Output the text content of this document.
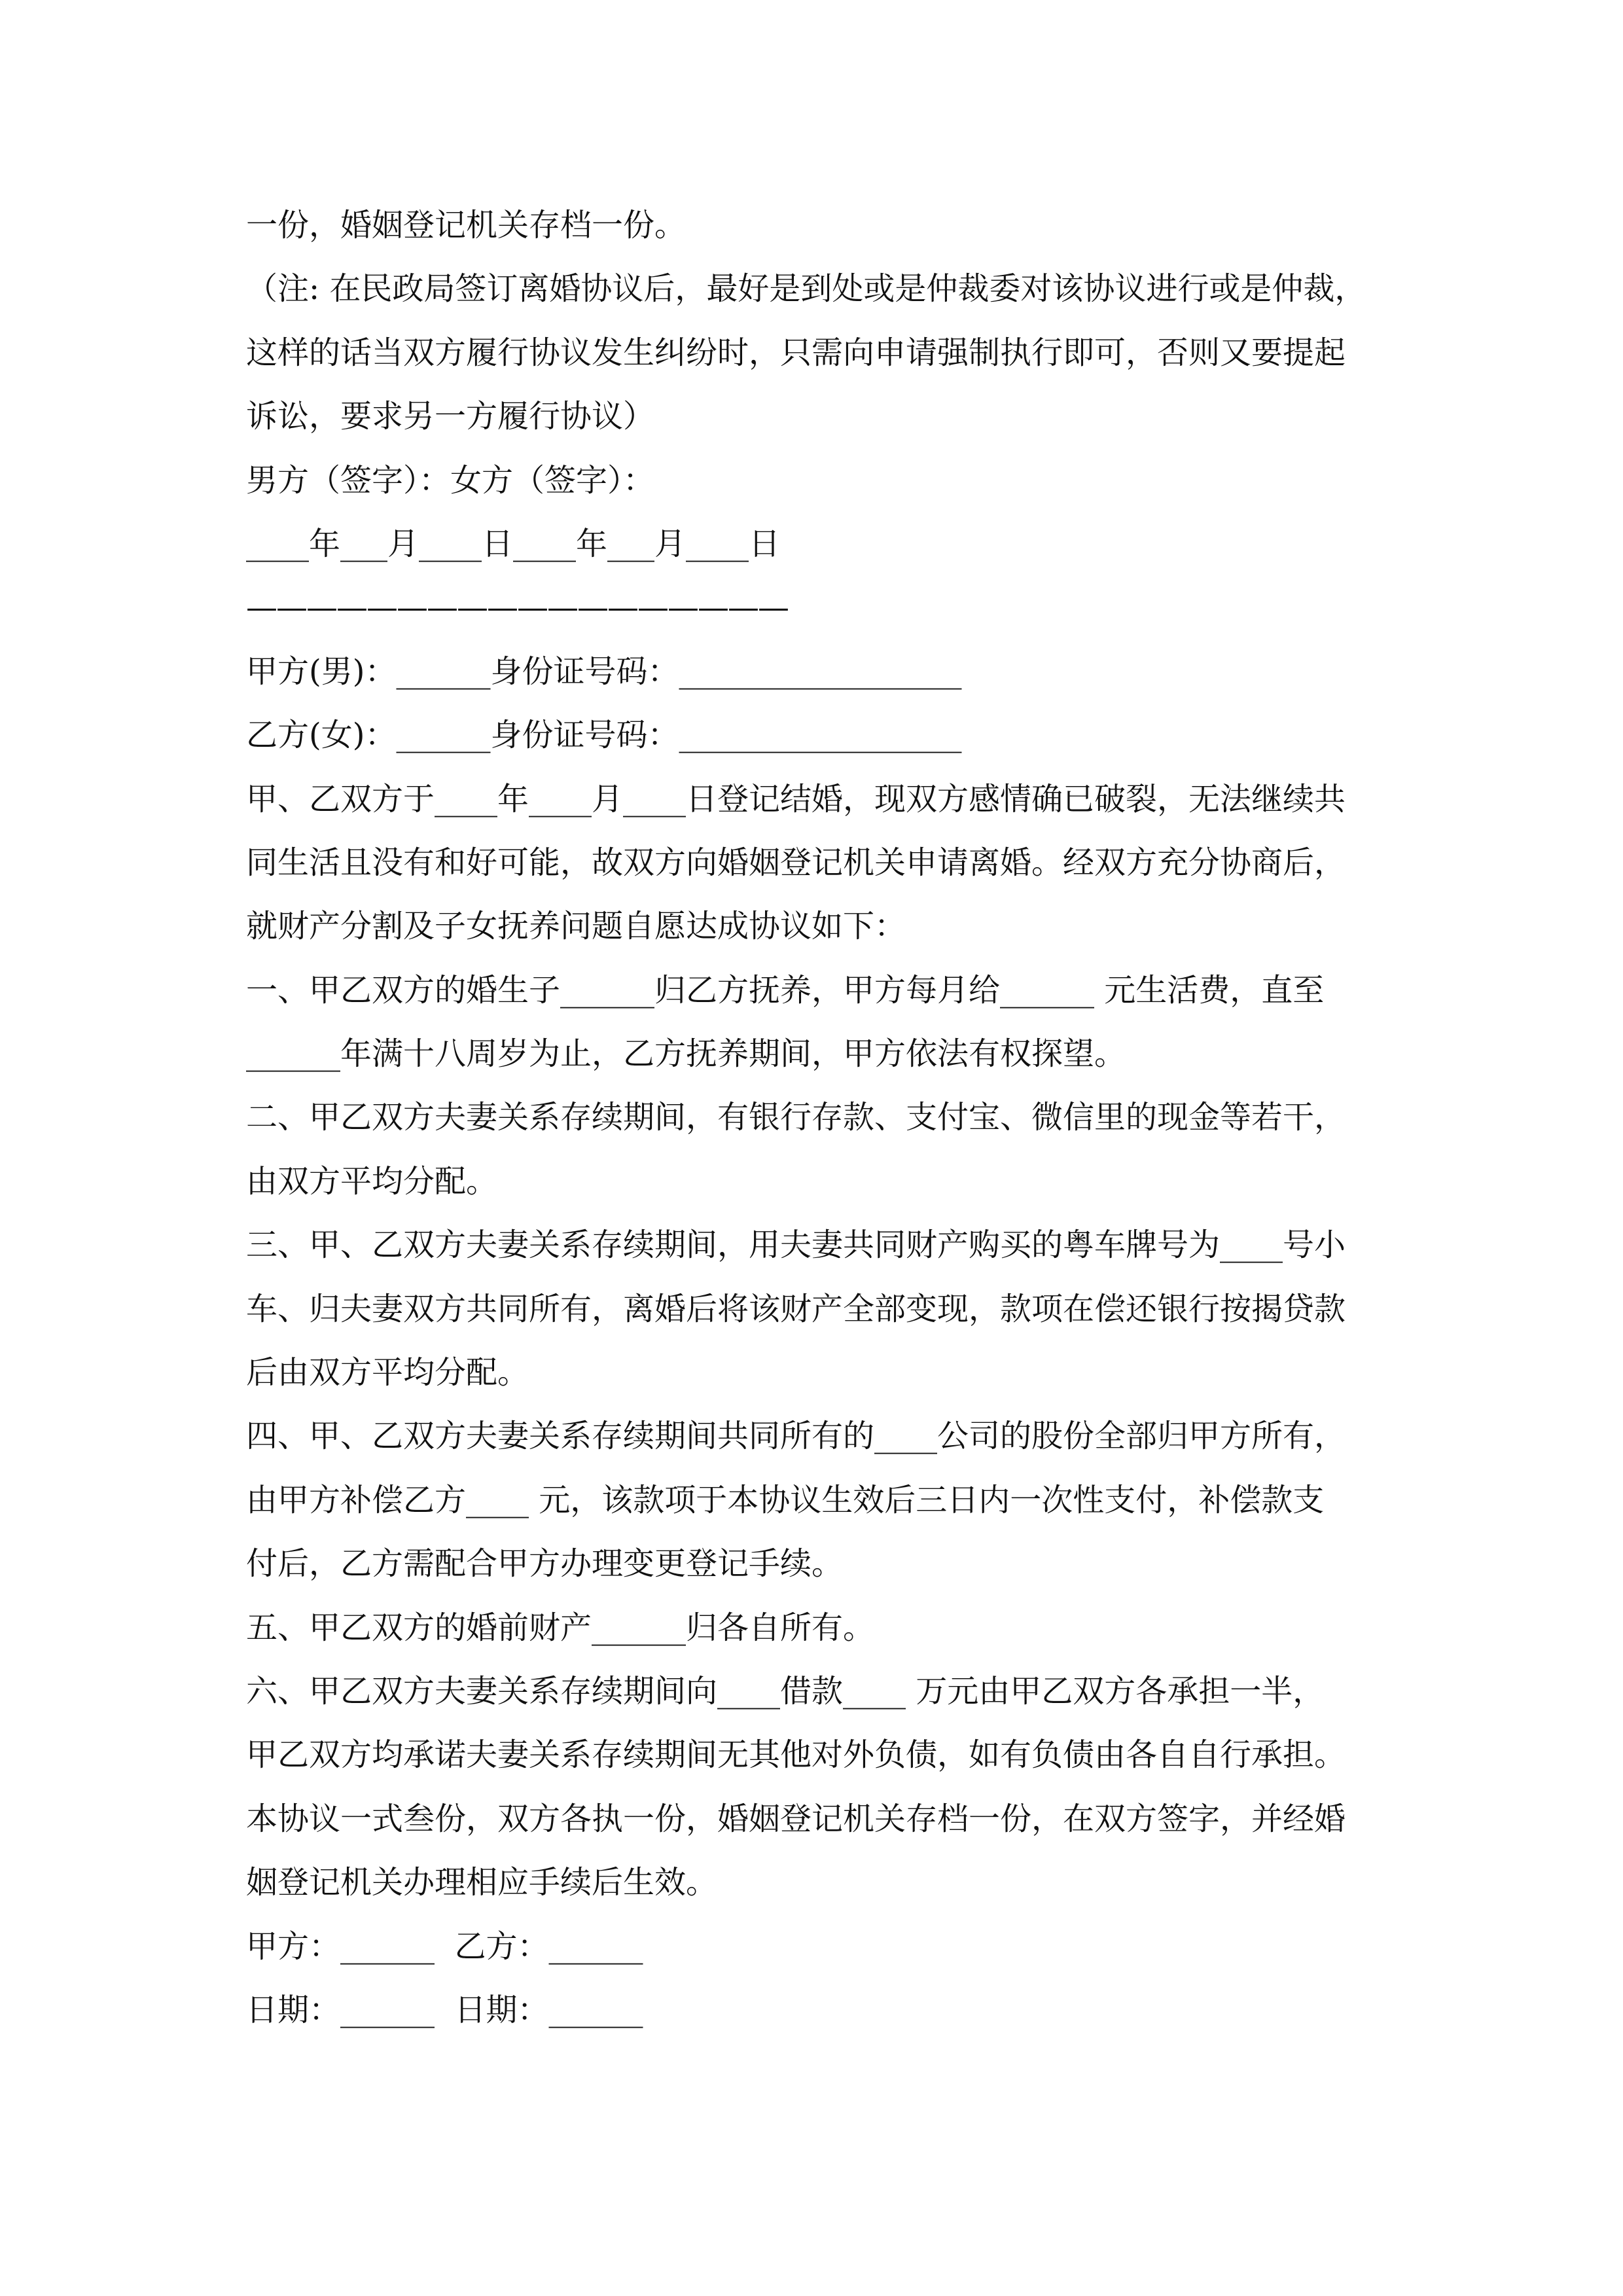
一份，婚姻登记机关存档一份。
（注: 在民政局签订离婚协议后，最好是到处或是仲裁委对该协议进行或是仲裁，
这样的话当双方履行协议发生纠纷时，只需向申请强制执行即可，否则又要提起
诉讼，要求另一方履行协议）
男方（签字）：女方（签字）：
____年___月____日____年___月____日
——————————————————
甲方(男)：______身份证号码：__________________
乙方(女)：______身份证号码：__________________
甲、乙双方于____年____月____日登记结婚，现双方感情确已破裂，无法继续共
同生活且没有和好可能，故双方向婚姻登记机关申请离婚。经双方充分协商后，
就财产分割及子女抚养问题自愿达成协议如下：
一、甲乙双方的婚生子______归乙方抚养，甲方每月给______ 元生活费，直至
______年满十八周岁为止，乙方抚养期间，甲方依法有权探望。
二、甲乙双方夫妻关系存续期间，有银行存款、支付宝、微信里的现金等若干，
由双方平均分配。
三、甲、乙双方夫妻关系存续期间，用夫妻共同财产购买的粤车牌号为____号小
车、归夫妻双方共同所有，离婚后将该财产全部变现，款项在偿还银行按揭贷款
后由双方平均分配。
四、甲、乙双方夫妻关系存续期间共同所有的____公司的股份全部归甲方所有，
由甲方补偿乙方____ 元，该款项于本协议生效后三日内一次性支付，补偿款支
付后，乙方需配合甲方办理变更登记手续。
五、甲乙双方的婚前财产______归各自所有。
六、甲乙双方夫妻关系存续期间向____借款____ 万元由甲乙双方各承担一半，
甲乙双方均承诺夫妻关系存续期间无其他对外负债，如有负债由各自自行承担。
本协议一式叁份，双方各执一份，婚姻登记机关存档一份，在双方签字，并经婚
姻登记机关办理相应手续后生效。
甲方：______  乙方：______
日期：______  日期：______
